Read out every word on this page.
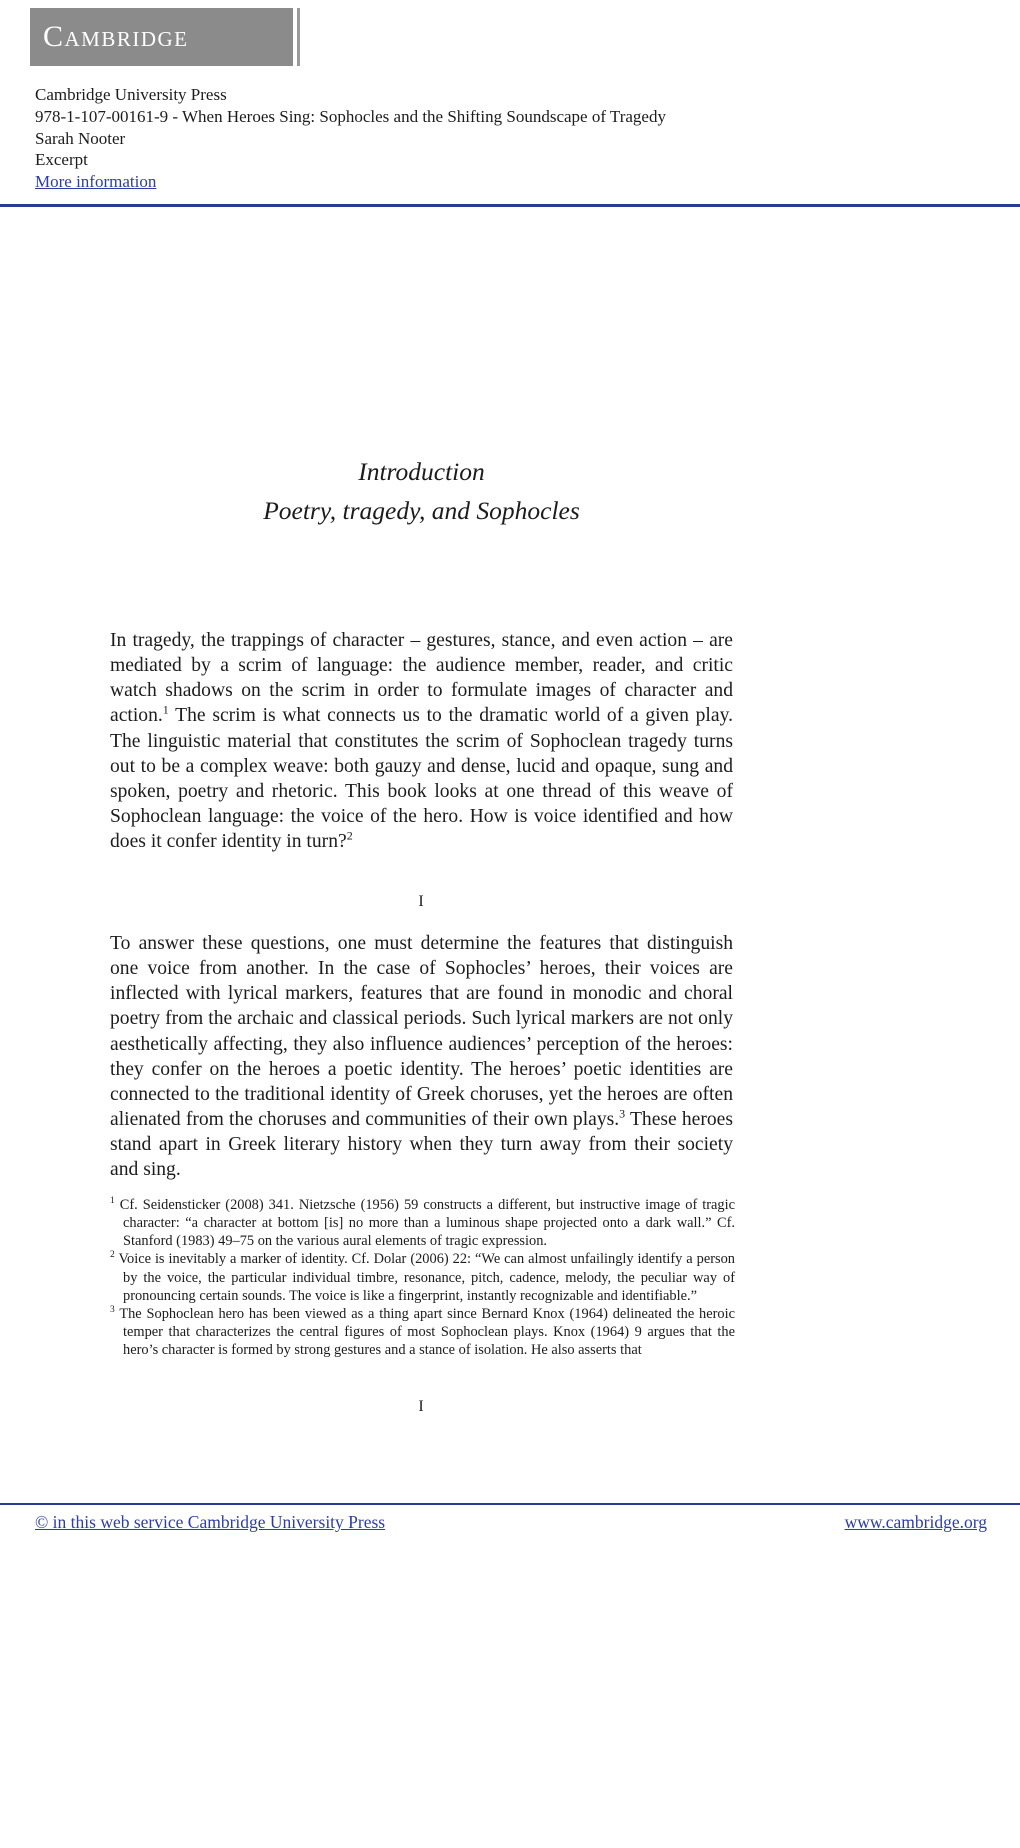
Cambridge
Cambridge University Press
978-1-107-00161-9 - When Heroes Sing: Sophocles and the Shifting Soundscape of Tragedy
Sarah Nooter
Excerpt
More information
Introduction
Poetry, tragedy, and Sophocles

In tragedy, the trappings of character – gestures, stance, and even action – are mediated by a scrim of language: the audience member, reader, and critic watch shadows on the scrim in order to formulate images of character and action.$^1$ The scrim is what connects us to the dramatic world of a given play. The linguistic material that constitutes the scrim of Sophoclean tragedy turns out to be a complex weave: both gauzy and dense, lucid and opaque, sung and spoken, poetry and rhetoric. This book looks at one thread of this weave of Sophoclean language: the voice of the hero. How is voice identified and how does it confer identity in turn?$^2$

I

To answer these questions, one must determine the features that distinguish one voice from another. In the case of Sophocles’ heroes, their voices are inflected with lyrical markers, features that are found in monodic and choral poetry from the archaic and classical periods. Such lyrical markers are not only aesthetically affecting, they also influence audiences’ perception of the heroes: they confer on the heroes a poetic identity. The heroes’ poetic identities are connected to the traditional identity of Greek choruses, yet the heroes are often alienated from the choruses and communities of their own plays.$^3$ These heroes stand apart in Greek literary history when they turn away from their society and sing.

$^1$ Cf. Seidensticker (2008) 341. Nietzsche (1956) 59 constructs a different, but instructive image of tragic character: “a character at bottom [is] no more than a luminous shape projected onto a dark wall.” Cf. Stanford (1983) 49–75 on the various aural elements of tragic expression.
$^2$ Voice is inevitably a marker of identity. Cf. Dolar (2006) 22: “We can almost unfailingly identify a person by the voice, the particular individual timbre, resonance, pitch, cadence, melody, the peculiar way of pronouncing certain sounds. The voice is like a fingerprint, instantly recognizable and identifiable.”
$^3$ The Sophoclean hero has been viewed as a thing apart since Bernard Knox (1964) delineated the heroic temper that characterizes the central figures of most Sophoclean plays. Knox (1964) 9 argues that the hero’s character is formed by strong gestures and a stance of isolation. He also asserts that
I
© in this web service Cambridge University Press	www.cambridge.org
